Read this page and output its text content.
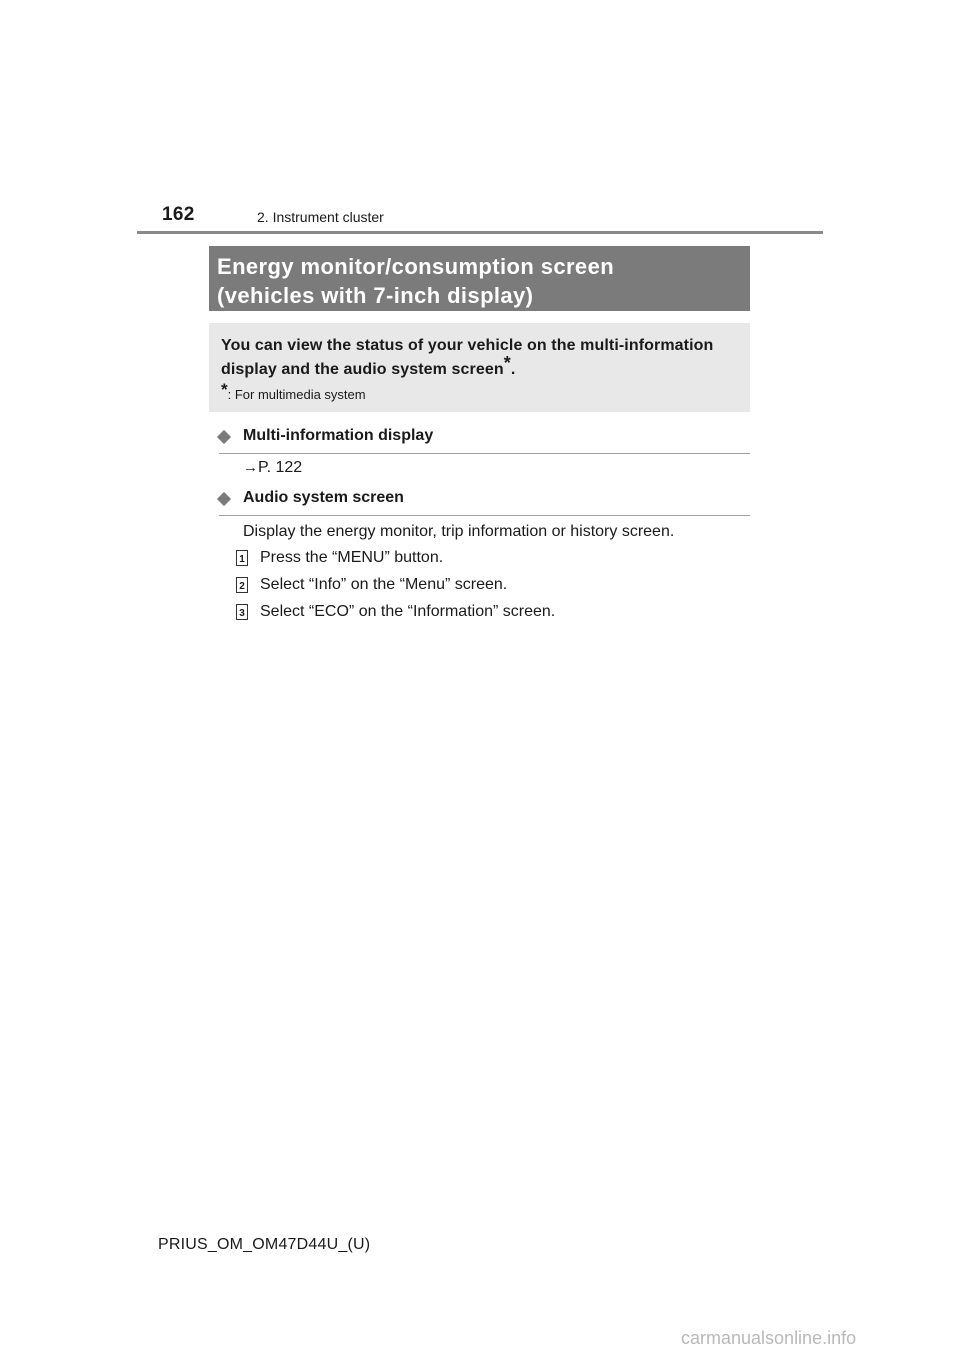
162	2. Instrument cluster
Energy monitor/consumption screen
(vehicles with 7-inch display)
You can view the status of your vehicle on the multi-information display and the audio system screen*.
*: For multimedia system
Multi-information display
→P. 122
Audio system screen
Display the energy monitor, trip information or history screen.
1 Press the “MENU” button.
2 Select “Info” on the “Menu” screen.
3 Select “ECO” on the “Information” screen.
PRIUS_OM_OM47D44U_(U)
carmanualsonline.info
